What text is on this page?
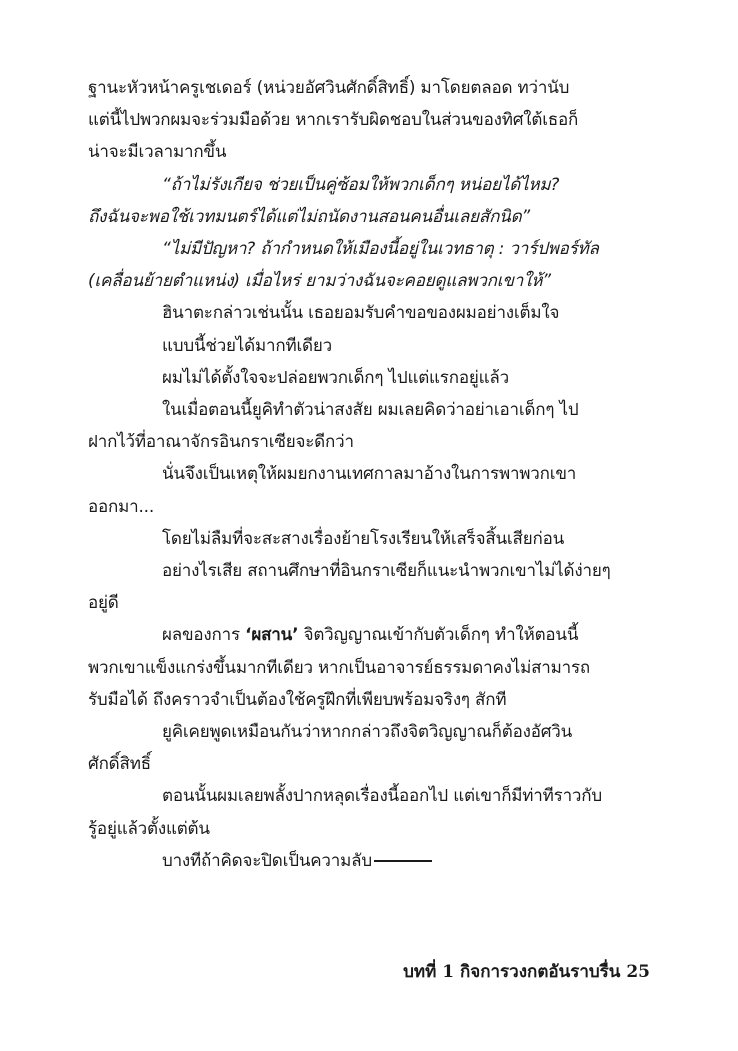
ฐานะหัวหน้าครูเชเดอร์ (หน่วยอัศวินศักดิ์สิทธิ์) มาโดยตลอด ทว่านับ
แต่นี้ไปพวกผมจะร่วมมือด้วย หากเรารับผิดชอบในส่วนของทิศใต้เธอก็
น่าจะมีเวลามากขึ้น
“ถ้าไม่รังเกียจ ช่วยเป็นคู่ซ้อมให้พวกเด็กๆ หน่อยได้ไหม?
ถึงฉันจะพอใช้เวทมนตร์ได้แต่ไม่ถนัดงานสอนคนอื่นเลยสักนิด”
“ไม่มีปัญหา? ถ้ากำหนดให้เมืองนี้อยู่ในเวทธาตุ : วาร์ปพอร์ทัล
(เคลื่อนย้ายตำแหน่ง) เมื่อไหร่ ยามว่างฉันจะคอยดูแลพวกเขาให้”
ฮินาตะกล่าวเช่นนั้น เธอยอมรับคำขอของผมอย่างเต็มใจ
แบบนี้ช่วยได้มากทีเดียว
ผมไม่ได้ตั้งใจจะปล่อยพวกเด็กๆ ไปแต่แรกอยู่แล้ว
ในเมื่อตอนนี้ยูคิทำตัวน่าสงสัย ผมเลยคิดว่าอย่าเอาเด็กๆ ไป
ฝากไว้ที่อาณาจักรอินกราเซียจะดีกว่า
นั่นจึงเป็นเหตุให้ผมยกงานเทศกาลมาอ้างในการพาพวกเขา
ออกมา...
โดยไม่ลืมที่จะสะสางเรื่องย้ายโรงเรียนให้เสร็จสิ้นเสียก่อน
อย่างไรเสีย สถานศึกษาที่อินกราเซียก็แนะนำพวกเขาไม่ได้ง่ายๆ
อยู่ดี
ผลของการ ‘ผสาน’ จิตวิญญาณเข้ากับตัวเด็กๆ ทำให้ตอนนี้
พวกเขาแข็งแกร่งขึ้นมากทีเดียว หากเป็นอาจารย์ธรรมดาคงไม่สามารถ
รับมือได้ ถึงคราวจำเป็นต้องใช้ครูฝึกที่เพียบพร้อมจริงๆ สักที
ยูคิเคยพูดเหมือนกันว่าหากกล่าวถึงจิตวิญญาณก็ต้องอัศวิน
ศักดิ์สิทธิ์
ตอนนั้นผมเลยพลั้งปากหลุดเรื่องนี้ออกไป แต่เขาก็มีท่าทีราวกับ
รู้อยู่แล้วตั้งแต่ต้น
บางทีถ้าคิดจะปิดเป็นความลับ
บทที่ 1 กิจการวงกตอันราบรื่น 25
